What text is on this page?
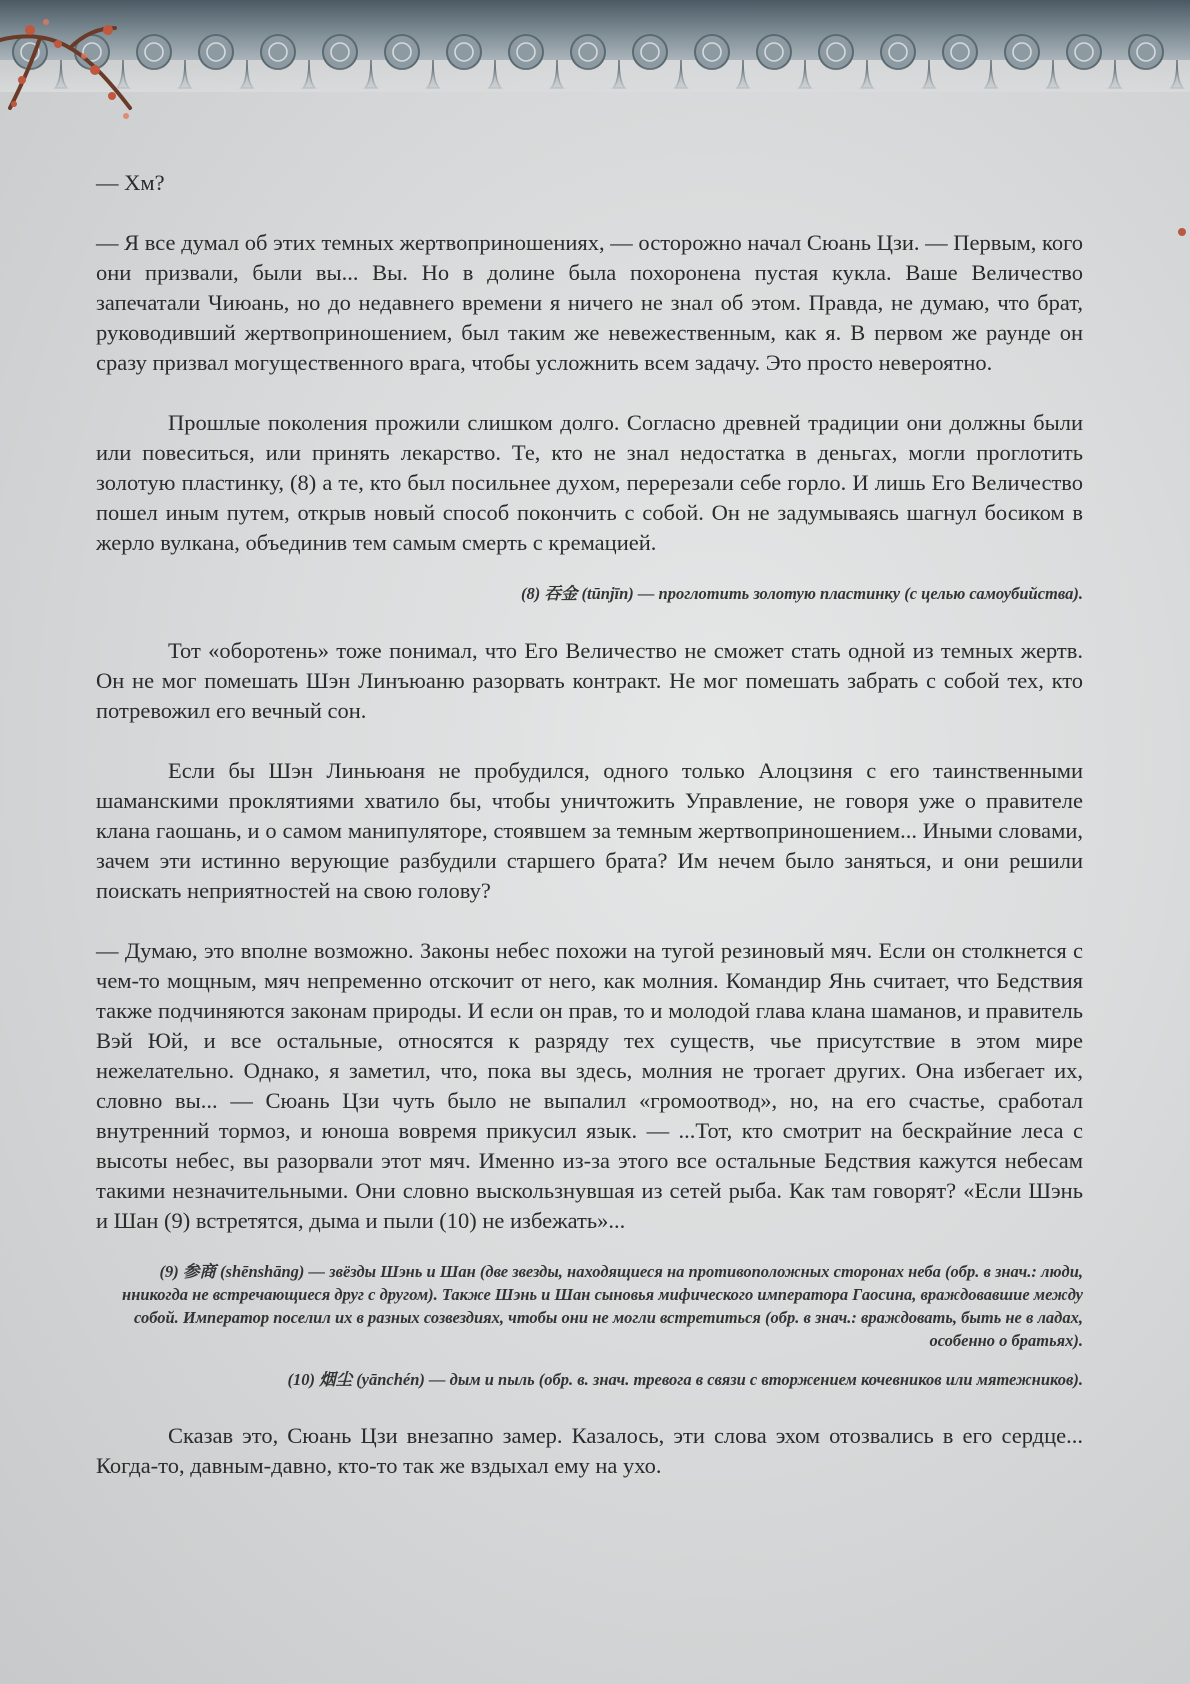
— Хм?

— Я все думал об этих темных жертвоприношениях, — осторожно начал Сюань Цзи. — Первым, кого они призвали, были вы... Вы. Но в долине была похоронена пустая кукла. Ваше Величество запечатали Чиюань, но до недавнего времени я ничего не знал об этом. Правда, не думаю, что брат, руководивший жертвоприношением, был таким же невежественным, как я. В первом же раунде он сразу призвал могущественного врага, чтобы усложнить всем задачу. Это просто невероятно.

Прошлые поколения прожили слишком долго. Согласно древней традиции они должны были или повеситься, или принять лекарство. Те, кто не знал недостатка в деньгах, могли проглотить золотую пластинку, (8) а те, кто был посильнее духом, перерезали себе горло. И лишь Его Величество пошел иным путем, открыв новый способ покончить с собой. Он не задумываясь шагнул босиком в жерло вулкана, объединив тем самым смерть с кремацией.

(8) 吞金 (tūnjīn) — проглотить золотую пластинку (с целью самоубийства).

Тот «оборотень» тоже понимал, что Его Величество не сможет стать одной из темных жертв. Он не мог помешать Шэн Линъюаню разорвать контракт. Не мог помешать забрать с собой тех, кто потревожил его вечный сон.

Если бы Шэн Линьюаня не пробудился, одного только Алоцзиня с его таинственными шаманскими проклятиями хватило бы, чтобы уничтожить Управление, не говоря уже о правителе клана гаошань, и о самом манипуляторе, стоявшем за темным жертвоприношением... Иными словами, зачем эти истинно верующие разбудили старшего брата? Им нечем было заняться, и они решили поискать неприятностей на свою голову?

— Думаю, это вполне возможно. Законы небес похожи на тугой резиновый мяч. Если он столкнется с чем-то мощным, мяч непременно отскочит от него, как молния. Командир Янь считает, что Бедствия также подчиняются законам природы. И если он прав, то и молодой глава клана шаманов, и правитель Вэй Юй, и все остальные, относятся к разряду тех существ, чье присутствие в этом мире нежелательно. Однако, я заметил, что, пока вы здесь, молния не трогает других. Она избегает их, словно вы... — Сюань Цзи чуть было не выпалил «громоотвод», но, на его счастье, сработал внутренний тормоз, и юноша вовремя прикусил язык. — ...Тот, кто смотрит на бескрайние леса с высоты небес, вы разорвали этот мяч. Именно из-за этого все остальные Бедствия кажутся небесам такими незначительными. Они словно выскользнувшая из сетей рыба. Как там говорят? «Если Шэнь и Шан (9) встретятся, дыма и пыли (10) не избежать»...

(9) 参商 (shēnshāng) — звёзды Шэнь и Шан (две звезды, находящиеся на противоположных сторонах неба (обр. в знач.: люди, нникогда не встречающиеся друг с другом). Также Шэнь и Шан сыновья мифического императора Гаосина, враждовавшие между собой. Император поселил их в разных созвездиях, чтобы они не могли встретиться (обр. в знач.: враждовать, быть не в ладах, особенно о братьях).

(10) 烟尘 (yānchén) — дым и пыль (обр. в. знач. тревога в связи с вторжением кочевников или мятежников).

Сказав это, Сюань Цзи внезапно замер. Казалось, эти слова эхом отозвались в его сердце... Когда-то, давным-давно, кто-то так же вздыхал ему на ухо.
